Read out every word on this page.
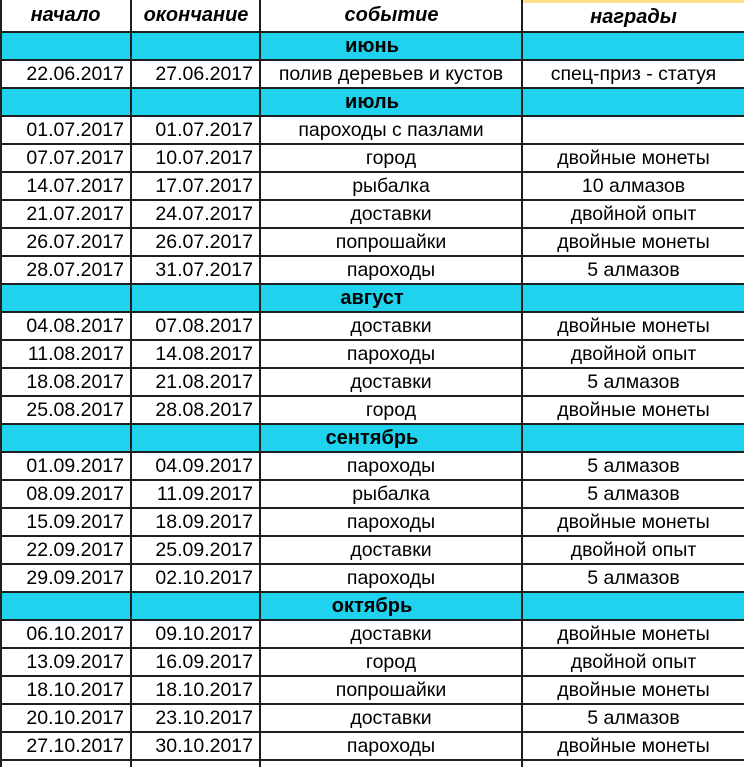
начало	окончание	событие	награды
июнь
22.06.2017	27.06.2017	полив деревьев и кустов	спец-приз - статуя
июль
01.07.2017	01.07.2017	пароходы с пазлами
07.07.2017	10.07.2017	город	двойные монеты
14.07.2017	17.07.2017	рыбалка	10 алмазов
21.07.2017	24.07.2017	доставки	двойной опыт
26.07.2017	26.07.2017	попрошайки	двойные монеты
28.07.2017	31.07.2017	пароходы	5 алмазов
август
04.08.2017	07.08.2017	доставки	двойные монеты
11.08.2017	14.08.2017	пароходы	двойной опыт
18.08.2017	21.08.2017	доставки	5 алмазов
25.08.2017	28.08.2017	город	двойные монеты
сентябрь
01.09.2017	04.09.2017	пароходы	5 алмазов
08.09.2017	11.09.2017	рыбалка	5 алмазов
15.09.2017	18.09.2017	пароходы	двойные монеты
22.09.2017	25.09.2017	доставки	двойной опыт
29.09.2017	02.10.2017	пароходы	5 алмазов
октябрь
06.10.2017	09.10.2017	доставки	двойные монеты
13.09.2017	16.09.2017	город	двойной опыт
18.10.2017	18.10.2017	попрошайки	двойные монеты
20.10.2017	23.10.2017	доставки	5 алмазов
27.10.2017	30.10.2017	пароходы	двойные монеты
